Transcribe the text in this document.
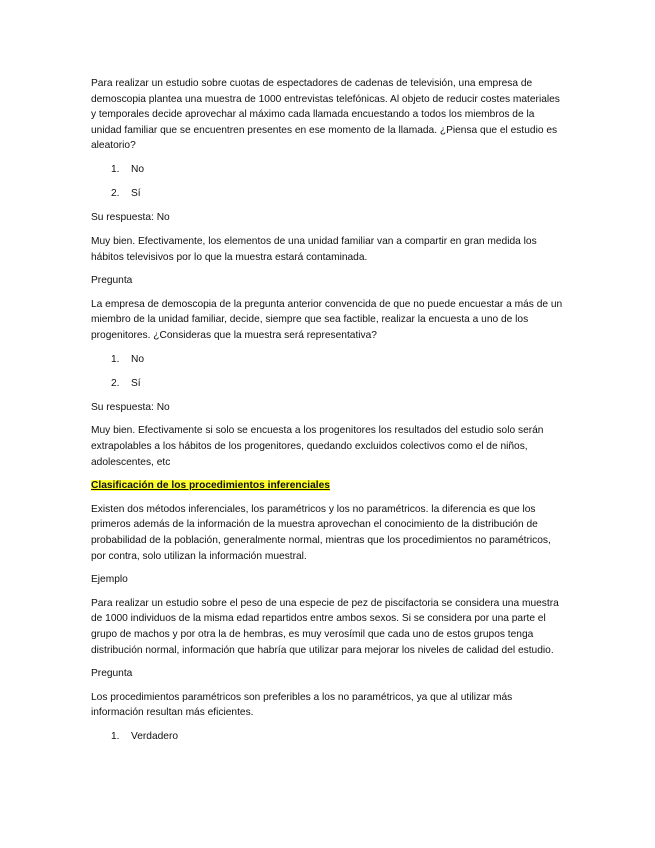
Para realizar un estudio sobre cuotas de espectadores de cadenas de televisión, una empresa de demoscopia plantea una muestra de 1000 entrevistas telefónicas. Al objeto de reducir costes materiales y temporales decide aprovechar al máximo cada llamada encuestando a todos los miembros de la unidad familiar que se encuentren presentes en ese momento de la llamada. ¿Piensa que el estudio es aleatorio?

1. No
2. Sí

Su respuesta: No

Muy bien. Efectivamente, los elementos de una unidad familiar van a compartir en gran medida los hábitos televisivos por lo que la muestra estará contaminada.

Pregunta

La empresa de demoscopia de la pregunta anterior convencida de que no puede encuestar a más de un miembro de la unidad familiar, decide, siempre que sea factible, realizar la encuesta a uno de los progenitores. ¿Consideras que la muestra será representativa?

1. No
2. Sí

Su respuesta: No

Muy bien. Efectivamente si solo se encuesta a los progenitores los resultados del estudio solo serán extrapolables a los hábitos de los progenitores, quedando excluidos colectivos como el de niños, adolescentes, etc

Clasificación de los procedimientos inferenciales

Existen dos métodos inferenciales, los paramétricos y los no paramétricos. la diferencia es que los primeros además de la información de la muestra aprovechan el conocimiento de la distribución de probabilidad de la población, generalmente normal, mientras que los procedimientos no paramétricos, por contra, solo utilizan la información muestral.

Ejemplo

Para realizar un estudio sobre el peso de una especie de pez de piscifactoria se considera una muestra de 1000 individuos de la misma edad repartidos entre ambos sexos. Si se considera por una parte el grupo de machos y por otra la de hembras, es muy verosímil que cada uno de estos grupos tenga distribución normal, información que habría que utilizar para mejorar los niveles de calidad del estudio.

Pregunta

Los procedimientos paramétricos son preferibles a los no paramétricos, ya que al utilizar más información resultan más eficientes.

1. Verdadero
